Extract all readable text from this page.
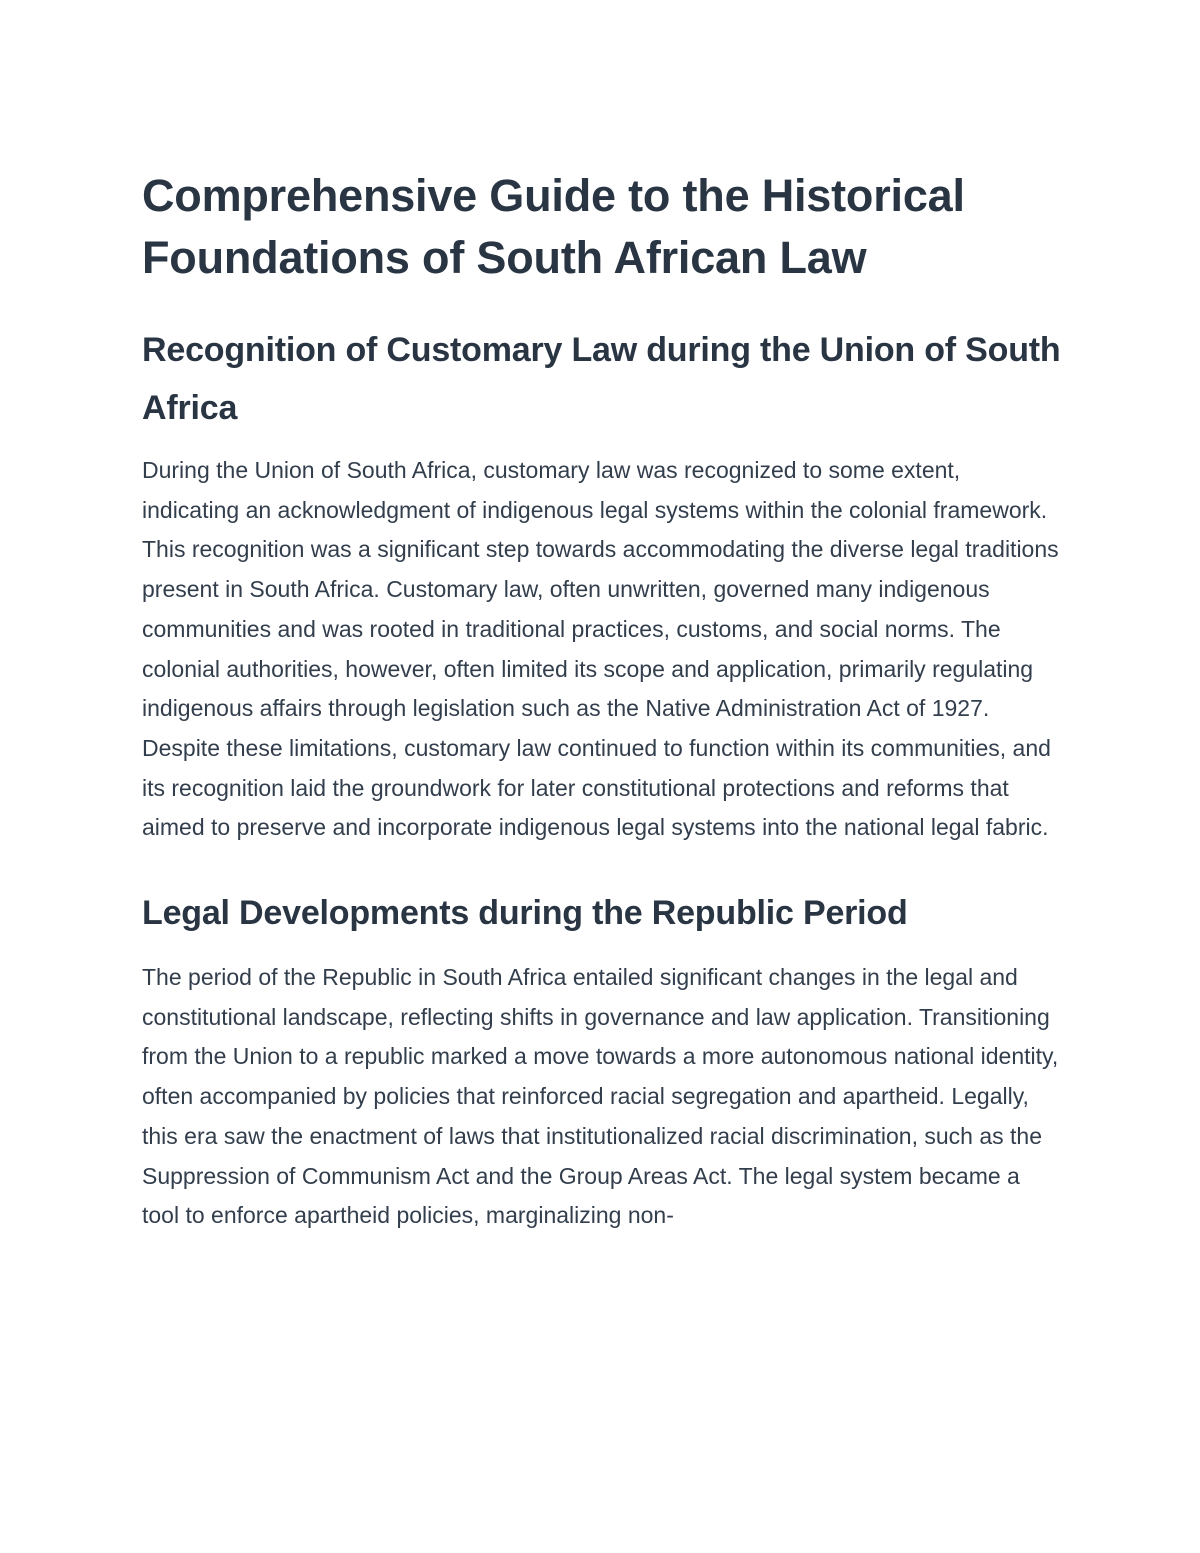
Comprehensive Guide to the Historical Foundations of South African Law
Recognition of Customary Law during the Union of South Africa

During the Union of South Africa, customary law was recognized to some extent, indicating an acknowledgment of indigenous legal systems within the colonial framework. This recognition was a significant step towards accommodating the diverse legal traditions present in South Africa. Customary law, often unwritten, governed many indigenous communities and was rooted in traditional practices, customs, and social norms. The colonial authorities, however, often limited its scope and application, primarily regulating indigenous affairs through legislation such as the Native Administration Act of 1927. Despite these limitations, customary law continued to function within its communities, and its recognition laid the groundwork for later constitutional protections and reforms that aimed to preserve and incorporate indigenous legal systems into the national legal fabric.

Legal Developments during the Republic Period

The period of the Republic in South Africa entailed significant changes in the legal and constitutional landscape, reflecting shifts in governance and law application. Transitioning from the Union to a republic marked a move towards a more autonomous national identity, often accompanied by policies that reinforced racial segregation and apartheid. Legally, this era saw the enactment of laws that institutionalized racial discrimination, such as the Suppression of Communism Act and the Group Areas Act. The legal system became a tool to enforce apartheid policies, marginalizing non-
